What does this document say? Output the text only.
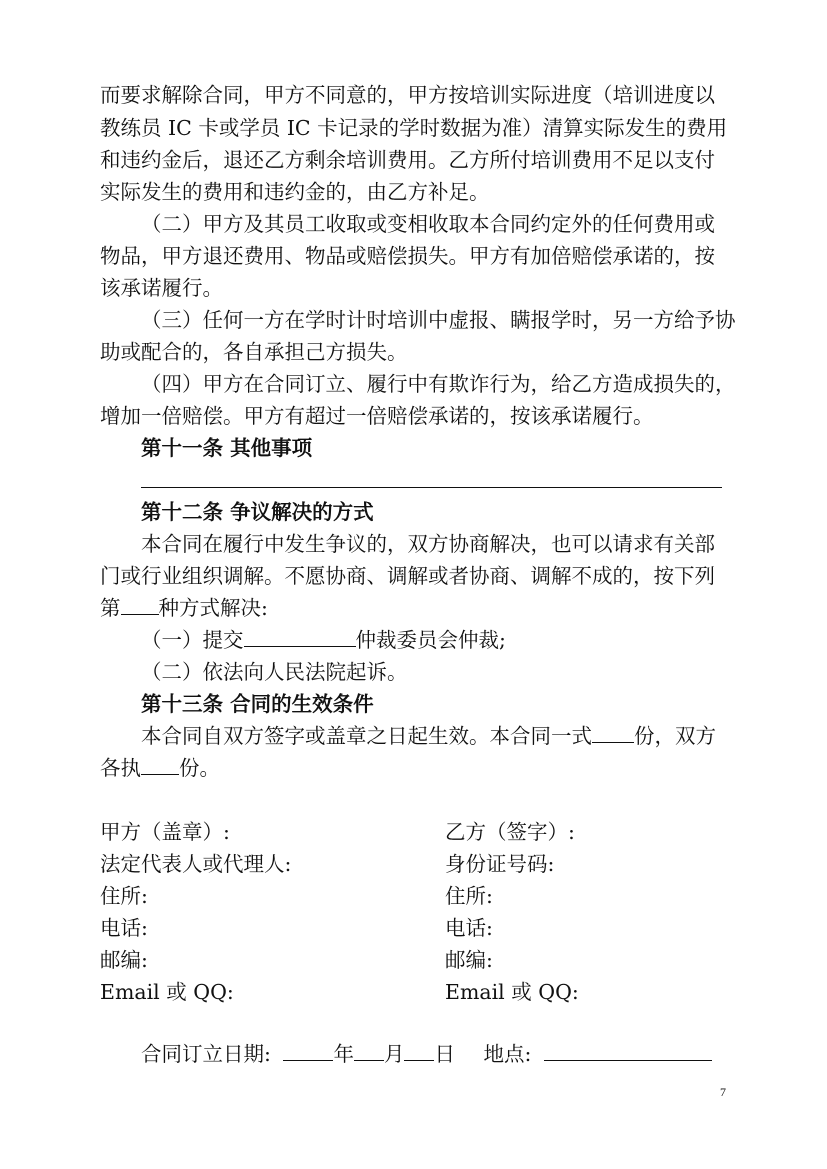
而要求解除合同，甲方不同意的，甲方按培训实际进度（培训进度以
教练员 IC 卡或学员 IC 卡记录的学时数据为准）清算实际发生的费用
和违约金后，退还乙方剩余培训费用。乙方所付培训费用不足以支付
实际发生的费用和违约金的，由乙方补足。
（二）甲方及其员工收取或变相收取本合同约定外的任何费用或
物品，甲方退还费用、物品或赔偿损失。甲方有加倍赔偿承诺的，按
该承诺履行。
（三）任何一方在学时计时培训中虚报、瞒报学时，另一方给予协
助或配合的，各自承担己方损失。
（四）甲方在合同订立、履行中有欺诈行为，给乙方造成损失的，
增加一倍赔偿。甲方有超过一倍赔偿承诺的，按该承诺履行。
第十一条 其他事项
第十二条 争议解决的方式
本合同在履行中发生争议的，双方协商解决，也可以请求有关部
门或行业组织调解。不愿协商、调解或者协商、调解不成的，按下列
第 种方式解决:
（一）提交	仲裁委员会仲裁;
（二）依法向人民法院起诉。
第十三条 合同的生效条件
本合同自双方签字或盖章之日起生效。本合同一式 份，双方
各执 份。
甲方（盖章）:
法定代表人或代理人:
住所:
电话:
邮编:
Email 或 QQ:
乙方（签字）:
身份证号码:
住所:
电话:
邮编:
Email 或 QQ:
合同订立日期:	年 月 日 地点:
7
